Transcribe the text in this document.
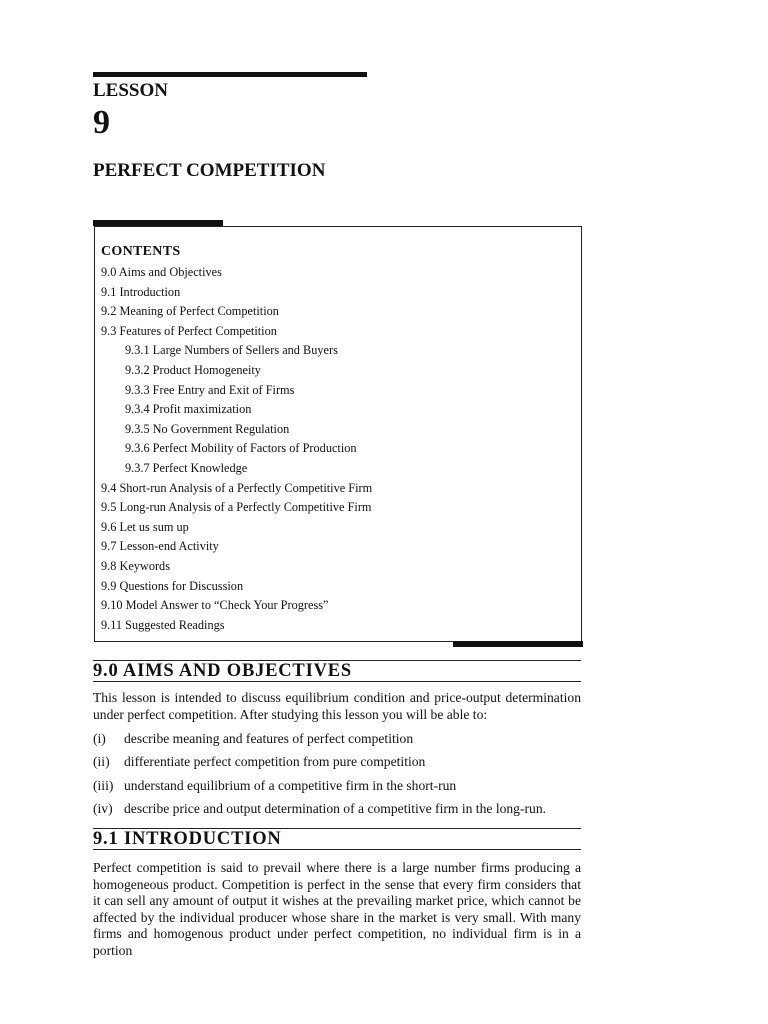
LESSON
9
PERFECT COMPETITION
CONTENTS
9.0 Aims and Objectives
9.1 Introduction
9.2 Meaning of Perfect Competition
9.3 Features of Perfect Competition
9.3.1 Large Numbers of Sellers and Buyers
9.3.2 Product Homogeneity
9.3.3 Free Entry and Exit of Firms
9.3.4 Profit maximization
9.3.5 No Government Regulation
9.3.6 Perfect Mobility of Factors of Production
9.3.7 Perfect Knowledge
9.4 Short-run Analysis of a Perfectly Competitive Firm
9.5 Long-run Analysis of a Perfectly Competitive Firm
9.6 Let us sum up
9.7 Lesson-end Activity
9.8 Keywords
9.9 Questions for Discussion
9.10 Model Answer to “Check Your Progress”
9.11 Suggested Readings
9.0 AIMS AND OBJECTIVES
This lesson is intended to discuss equilibrium condition and price-output determination under perfect competition. After studying this lesson you will be able to:
(i)	describe meaning and features of perfect competition
(ii)	differentiate perfect competition from pure competition
(iii) understand equilibrium of a competitive firm in the short-run
(iv) describe price and output determination of a competitive firm in the long-run.
9.1 INTRODUCTION
Perfect competition is said to prevail where there is a large number firms producing a homogeneous product. Competition is perfect in the sense that every firm considers that it can sell any amount of output it wishes at the prevailing market price, which cannot be affected by the individual producer whose share in the market is very small. With many firms and homogenous product under perfect competition, no individual firm is in a portion
